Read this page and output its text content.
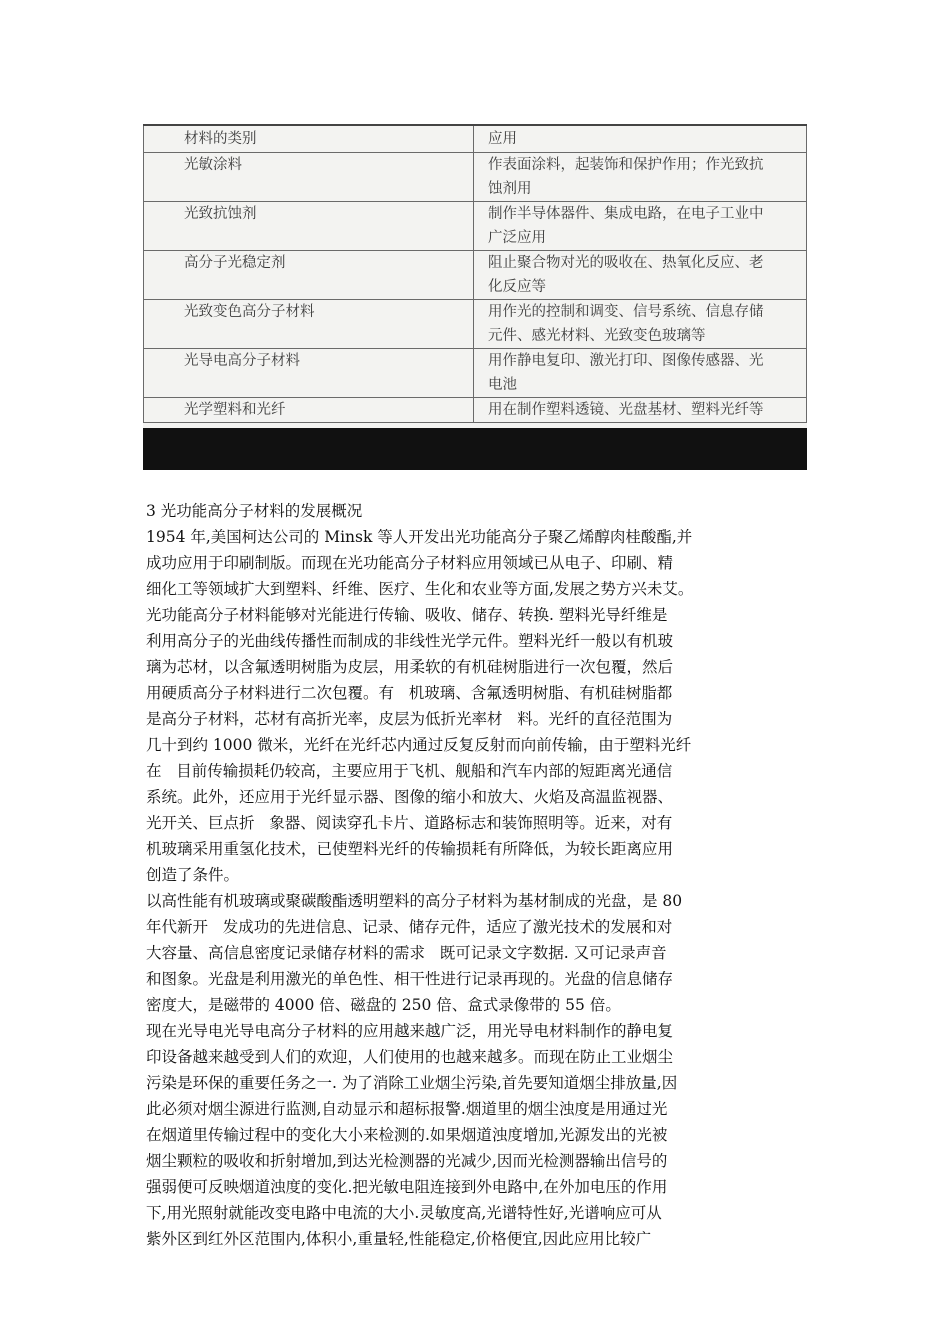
材料的类别	应用
光敏涂料	作表面涂料，起装饰和保护作用；作光致抗
蚀剂用

光致抗蚀剂	制作半导体器件、集成电路，在电子工业中
广泛应用

高分子光稳定剂	阻止聚合物对光的吸收在、热氧化反应、老
化反应等

光致变色高分子材料	用作光的控制和调变、信号系统、信息存储
元件、感光材料、光致变色玻璃等

光导电高分子材料	用作静电复印、激光打印、图像传感器、光
电池

光学塑料和光纤	用在制作塑料透镜、光盘基材、塑料光纤等
3 光功能高分子材料的发展概况
1954 年,美国柯达公司的 Minsk 等人开发出光功能高分子聚乙烯醇肉桂酸酯,并
成功应用于印刷制版。而现在光功能高分子材料应用领域已从电子、印刷、精
细化工等领域扩大到塑料、纤维、医疗、生化和农业等方面,发展之势方兴未艾。
光功能高分子材料能够对光能进行传输、吸收、储存、转换. 塑料光导纤维是
利用高分子的光曲线传播性而制成的非线性光学元件。塑料光纤一般以有机玻
璃为芯材，以含氟透明树脂为皮层，用柔软的有机硅树脂进行一次包覆，然后
用硬质高分子材料进行二次包覆。有   机玻璃、含氟透明树脂、有机硅树脂都
是高分子材料，芯材有高折光率，皮层为低折光率材   料。光纤的直径范围为
几十到约 1000 微米，光纤在光纤芯内通过反复反射而向前传输，由于塑料光纤
在   目前传输损耗仍较高，主要应用于飞机、舰船和汽车内部的短距离光通信
系统。此外，还应用于光纤显示器、图像的缩小和放大、火焰及高温监视器、
光开关、巨点折   象器、阅读穿孔卡片、道路标志和装饰照明等。近来，对有
机玻璃采用重氢化技术，已使塑料光纤的传输损耗有所降低，为较长距离应用
创造了条件。
以高性能有机玻璃或聚碳酸酯透明塑料的高分子材料为基材制成的光盘，是 80
年代新开   发成功的先进信息、记录、储存元件，适应了激光技术的发展和对
大容量、高信息密度记录储存材料的需求   既可记录文字数据. 又可记录声音
和图象。光盘是利用激光的单色性、相干性进行记录再现的。光盘的信息储存
密度大，是磁带的 4000 倍、磁盘的 250 倍、盒式录像带的 55 倍。
现在光导电光导电高分子材料的应用越来越广泛，用光导电材料制作的静电复
印设备越来越受到人们的欢迎，人们使用的也越来越多。而现在防止工业烟尘
污染是环保的重要任务之一. 为了消除工业烟尘污染,首先要知道烟尘排放量,因
此必须对烟尘源进行监测,自动显示和超标报警.烟道里的烟尘浊度是用通过光
在烟道里传输过程中的变化大小来检测的.如果烟道浊度增加,光源发出的光被
烟尘颗粒的吸收和折射增加,到达光检测器的光减少,因而光检测器输出信号的
强弱便可反映烟道浊度的变化.把光敏电阻连接到外电路中,在外加电压的作用
下,用光照射就能改变电路中电流的大小.灵敏度高,光谱特性好,光谱响应可从
紫外区到红外区范围内,体积小,重量轻,性能稳定,价格便宜,因此应用比较广
